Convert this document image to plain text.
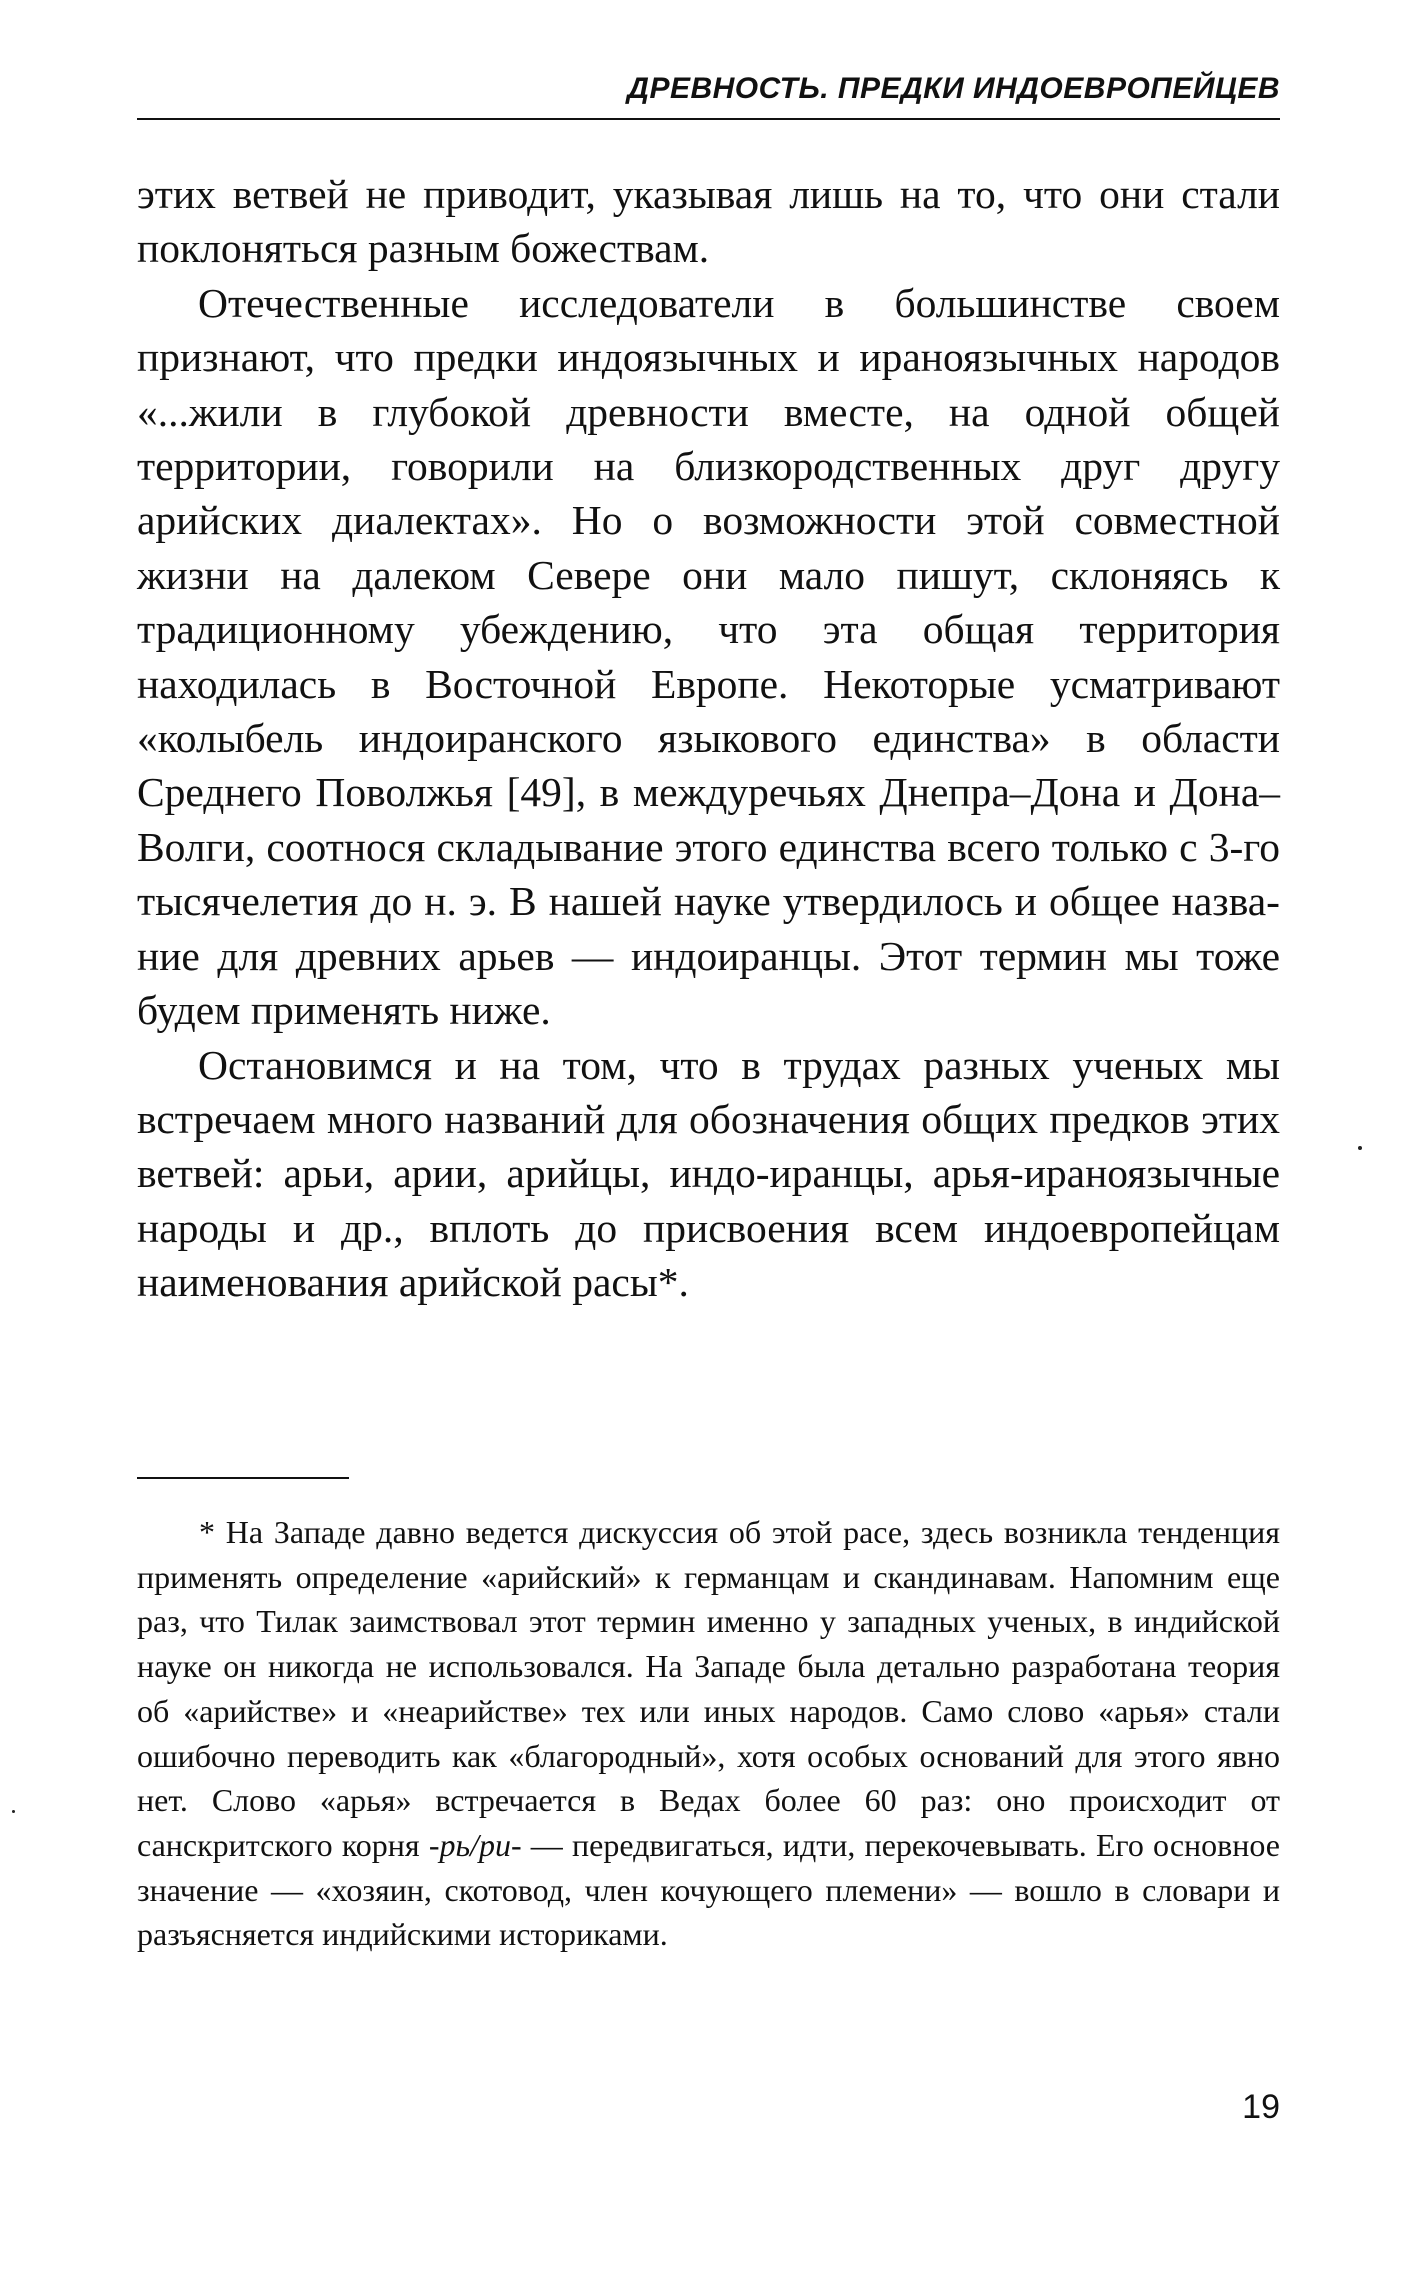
ДРЕВНОСТЬ. ПРЕДКИ ИНДОЕВРОПЕЙЦЕВ

этих ветвей не приводит, указывая лишь на то, что они стали поклоняться разным божествам.

Отечественные исследователи в большинстве своем признают, что предки индоязычных и ираноязычных народов «...жили в глубокой древности вместе, на одной общей территории, говорили на близкородственных друг другу арийских диалектах». Но о возможности этой совместной жизни на далеком Севере они мало пишут, склоняясь к традиционному убеждению, что эта общая территория находилась в Восточной Европе. Некоторые усматривают «колыбель индоиранского языкового единства» в области Среднего Поволжья [49], в междуречьях Днепра–Дона и Дона–Волги, соотнося складывание этого единства всего только с 3-го тысячелетия до н. э. В нашей науке утвердилось и общее название для древних арьев — индоиранцы. Этот термин мы тоже будем применять ниже.

Остановимся и на том, что в трудах разных ученых мы встречаем много названий для обозначения общих предков этих ветвей: арьи, арии, арийцы, индо-иранцы, арья-ираноязычные народы и др., вплоть до присвоения всем индоевропейцам наименования арийской расы*.

* На Западе давно ведется дискуссия об этой расе, здесь возникла тенденция применять определение «арийский» к германцам и скандинавам. Напомним еще раз, что Тилак заимствовал этот термин именно у западных ученых, в индийской науке он никогда не использовался. На Западе была детально разработана теория об «арийстве» и «неарийстве» тех или иных народов. Само слово «арья» стали ошибочно переводить как «благородный», хотя особых оснований для этого явно нет. Слово «арья» встречается в Ведах более 60 раз: оно происходит от санскритского корня -рь/ри- — передвигаться, идти, перекочевывать. Его основное значение — «хозяин, скотовод, член кочующего племени» — вошло в словари и разъясняется индийскими историками.

19
